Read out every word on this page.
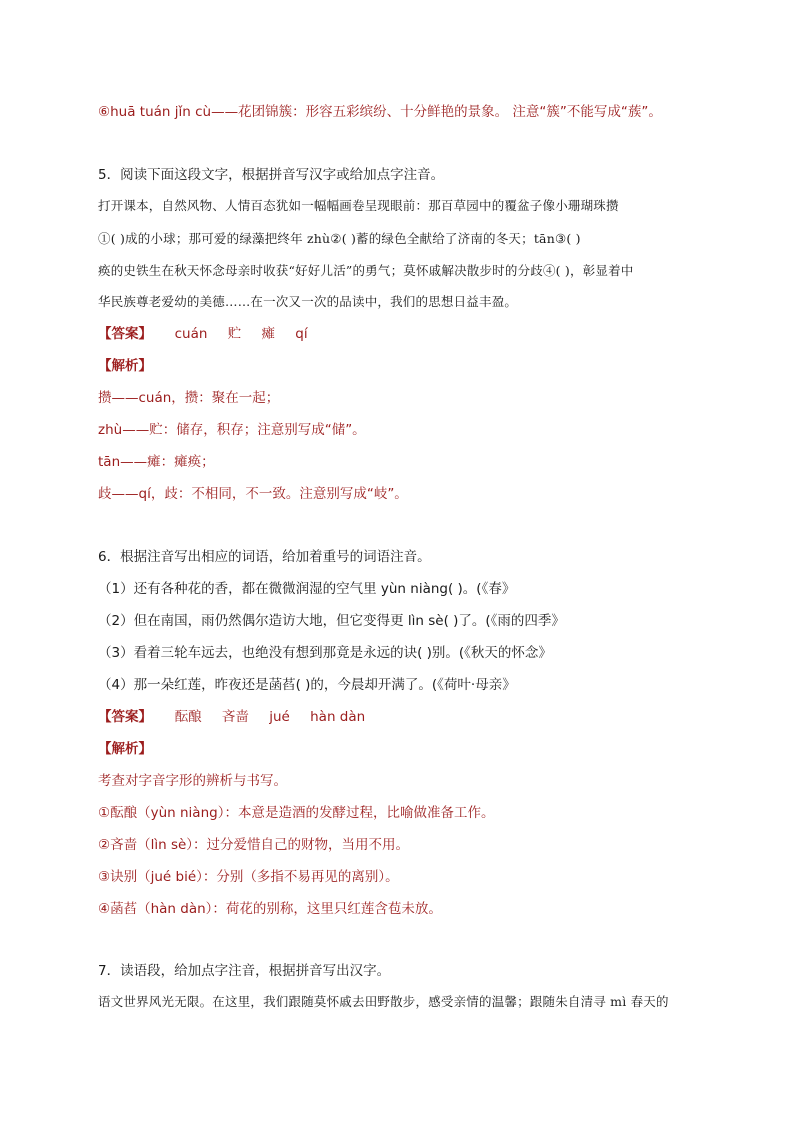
⑥huā tuán jǐn cù——花团锦簇：形容五彩缤纷、十分鲜艳的景象。 注意“簇”不能写成“蔟”。
5．阅读下面这段文字，根据拼音写汉字或给加点字注音。
打开课本，自然风物、人情百态犹如一幅幅画卷呈现眼前：那百草园中的覆盆子像小珊瑚珠攒
①( )成的小球；那可爱的绿藻把终年 zhù②( )蓄的绿色全献给了济南的冬天；tān③( )
痪的史铁生在秋天怀念母亲时收获“好好儿活”的勇气；莫怀戚解决散步时的分歧④( )，彰显着中
华民族尊老爱幼的美德……在一次又一次的品读中，我们的思想日益丰盈。
【答案】 cuán 贮 瘫 qí
【解析】
攒——cuán，攒：聚在一起；
zhù——贮：储存，积存；注意别写成“储”。
tān——瘫：瘫痪；
歧——qí，歧：不相同，不一致。注意别写成“岐”。
6．根据注音写出相应的词语，给加着重号的词语注音。
（1）还有各种花的香，都在微微润湿的空气里 yùn niàng( )。(《春》
（2）但在南国，雨仍然偶尔造访大地，但它变得更 lìn sè( )了。(《雨的四季》
（3）看着三轮车远去，也绝没有想到那竟是永远的诀( )别。(《秋天的怀念》
（4）那一朵红莲，昨夜还是菡萏( )的，今晨却开满了。(《荷叶·母亲》
【答案】 酝酿 吝啬 jué hàn dàn
【解析】
考查对字音字形的辨析与书写。
①酝酿（yùn niàng）：本意是造酒的发酵过程，比喻做准备工作。
②吝啬（lìn sè）：过分爱惜自己的财物，当用不用。
③诀别（jué bié）：分别（多指不易再见的离别）。
④菡萏（hàn dàn）：荷花的别称，这里只红莲含苞未放。
7．读语段，给加点字注音，根据拼音写出汉字。
语文世界风光无限。在这里，我们跟随莫怀戚去田野散步，感受亲情的温馨；跟随朱自清寻 mì 春天的
